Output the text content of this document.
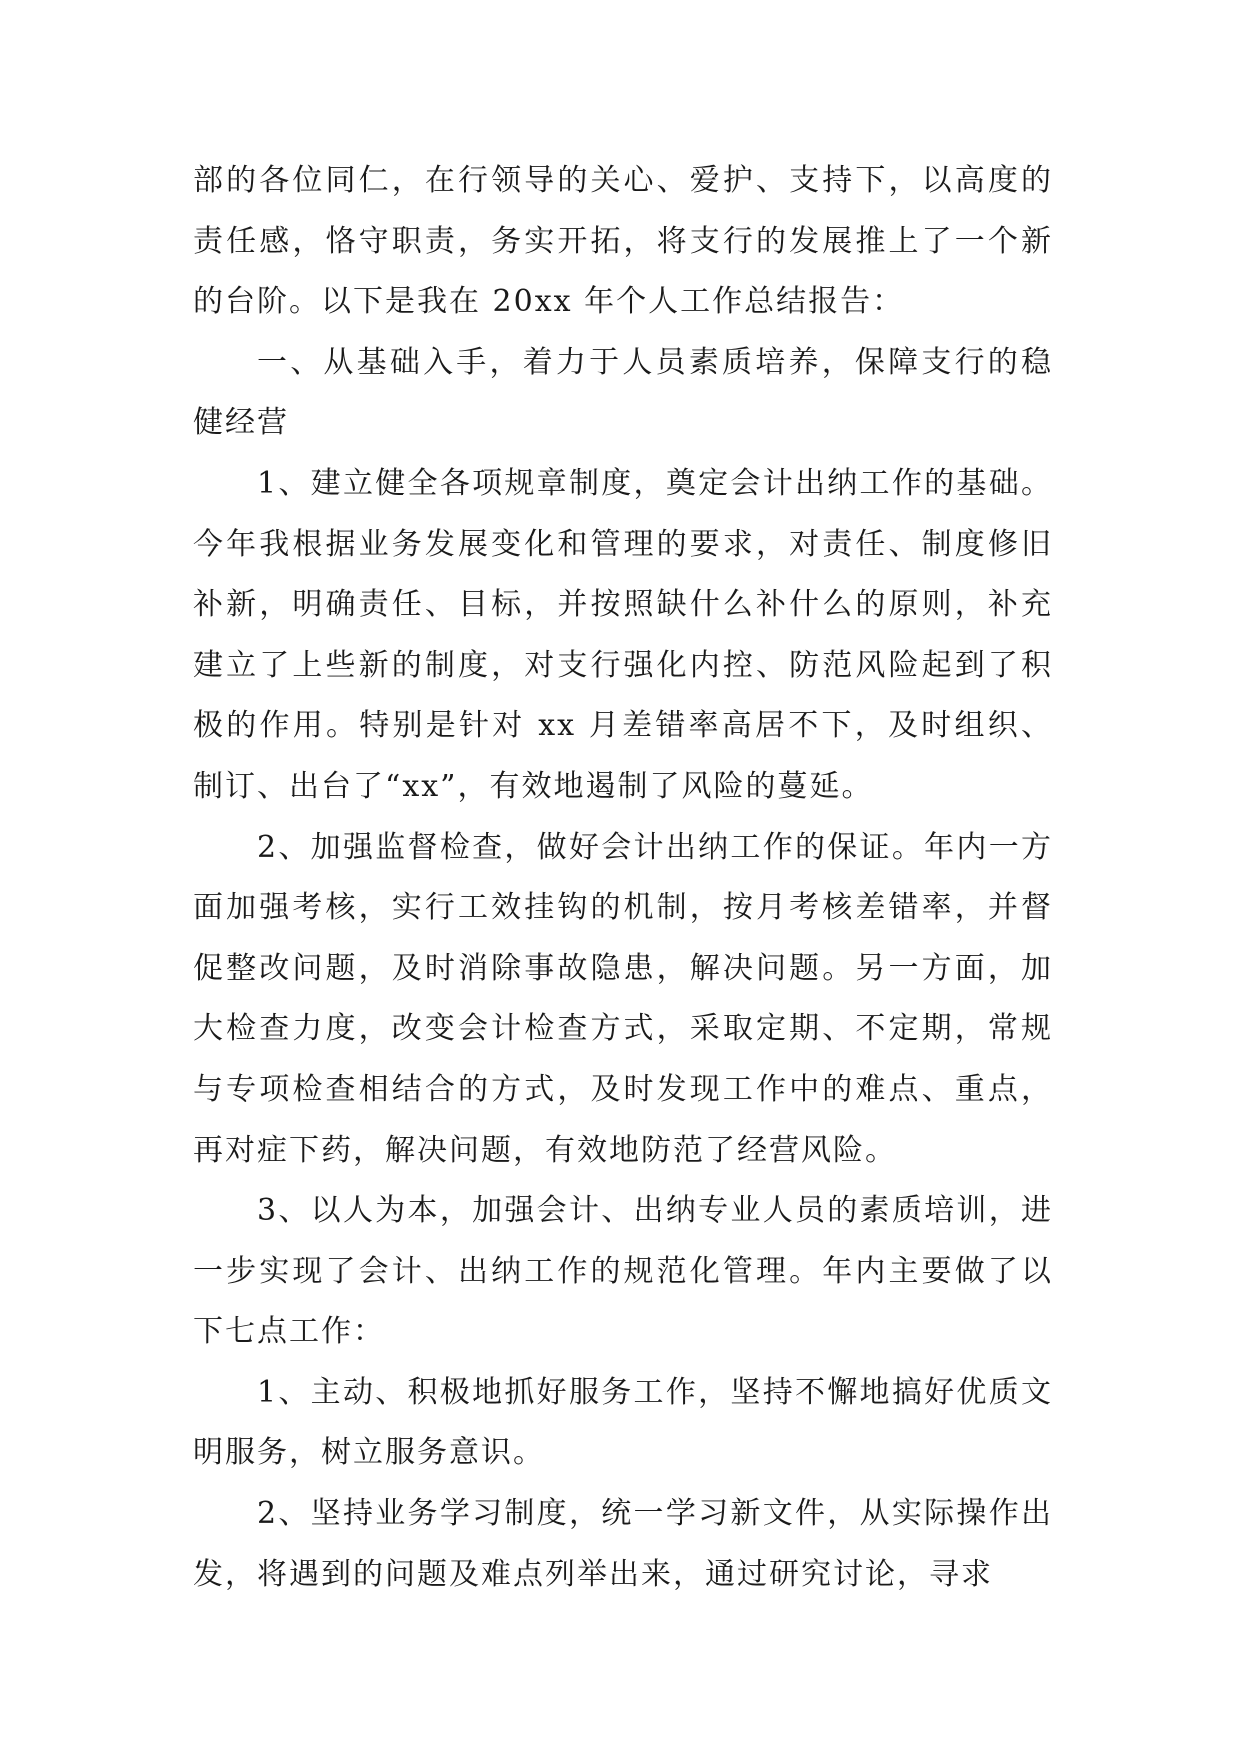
部的各位同仁，在行领导的关心、爱护、支持下，以高度的责任感，恪守职责，务实开拓，将支行的发展推上了一个新的台阶。以下是我在 20xx 年个人工作总结报告：

一、从基础入手，着力于人员素质培养，保障支行的稳健经营

1、建立健全各项规章制度，奠定会计出纳工作的基础。今年我根据业务发展变化和管理的要求，对责任、制度修旧补新，明确责任、目标，并按照缺什么补什么的原则，补充建立了上些新的制度，对支行强化内控、防范风险起到了积极的作用。特别是针对 xx 月差错率高居不下，及时组织、制订、出台了“xx”，有效地遏制了风险的蔓延。

2、加强监督检查，做好会计出纳工作的保证。年内一方面加强考核，实行工效挂钩的机制，按月考核差错率，并督促整改问题，及时消除事故隐患，解决问题。另一方面，加大检查力度，改变会计检查方式，采取定期、不定期，常规与专项检查相结合的方式，及时发现工作中的难点、重点，再对症下药，解决问题，有效地防范了经营风险。

3、以人为本，加强会计、出纳专业人员的素质培训，进一步实现了会计、出纳工作的规范化管理。年内主要做了以下七点工作：

1、主动、积极地抓好服务工作，坚持不懈地搞好优质文明服务，树立服务意识。

2、坚持业务学习制度，统一学习新文件，从实际操作出发，将遇到的问题及难点列举出来，通过研究讨论，寻求
